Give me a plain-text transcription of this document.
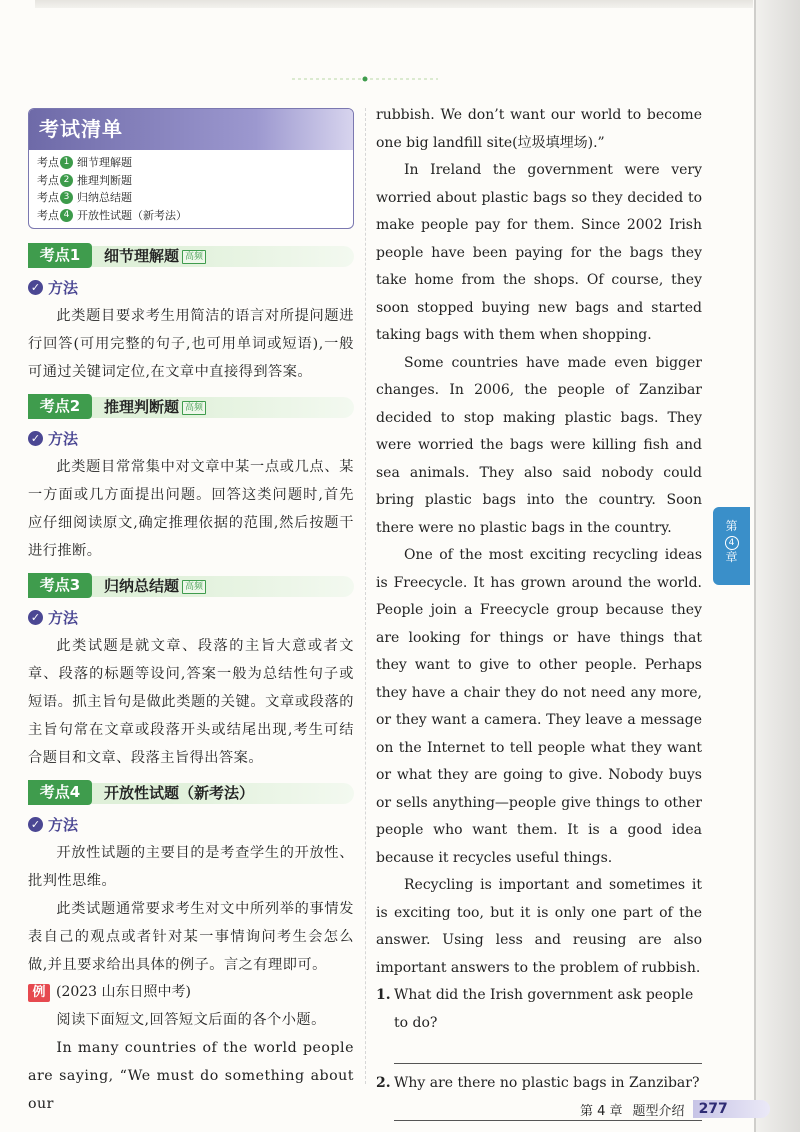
考试清单
考点 1 细节理解题
考点 2 推理判断题
考点 3 归纳总结题
考点 4 开放性试题（新考法）
考点1	细节理解题 高频
✓ 方法

此类题目要求考生用简洁的语言对所提问题进行回答(可用完整的句子,也可用单词或短语),一般可通过关键词定位,在文章中直接得到答案。

考点2	推理判断题 高频
✓ 方法

此类题目常常集中对文章中某一点或几点、某一方面或几方面提出问题。回答这类问题时,首先应仔细阅读原文,确定推理依据的范围,然后按题干进行推断。

考点3	归纳总结题 高频
✓ 方法

此类试题是就文章、段落的主旨大意或者文章、段落的标题等设问,答案一般为总结性句子或短语。抓主旨句是做此类题的关键。文章或段落的主旨句常在文章或段落开头或结尾出现,考生可结合题目和文章、段落主旨得出答案。

考点4	开放性试题（新考法）
✓ 方法

开放性试题的主要目的是考查学生的开放性、批判性思维。

此类试题通常要求考生对文中所列举的事情发表自己的观点或者针对某一事情询问考生会怎么做,并且要求给出具体的例子。言之有理即可。

例 (2023 山东日照中考)

阅读下面短文,回答短文后面的各个小题。

In many countries of the world people are saying, “We must do something about our

rubbish. We don’t want our world to become one big landfill site(垃圾填埋场).”

In Ireland the government were very worried about plastic bags so they decided to make people pay for them. Since 2002 Irish people have been paying for the bags they take home from the shops. Of course, they soon stopped buying new bags and started taking bags with them when shopping.

Some countries have made even bigger changes. In 2006, the people of Zanzibar decided to stop making plastic bags. They were worried the bags were killing fish and sea animals. They also said nobody could bring plastic bags into the country. Soon there were no plastic bags in the country.

One of the most exciting recycling ideas is Freecycle. It has grown around the world. People join a Freecycle group because they are looking for things or have things that they want to give to other people. Perhaps they have a chair they do not need any more, or they want a camera. They leave a message on the Internet to tell people what they want or what they are going to give. Nobody buys or sells anything—people give things to other people who want them. It is a good idea because it recycles useful things.

Recycling is important and sometimes it is exciting too, but it is only one part of the answer. Using less and reusing are also important answers to the problem of rubbish.

1. What did the Irish government ask people to do?
2. Why are there no plastic bags in Zanzibar?
第
4
章
第 4 章 题型介绍	277
